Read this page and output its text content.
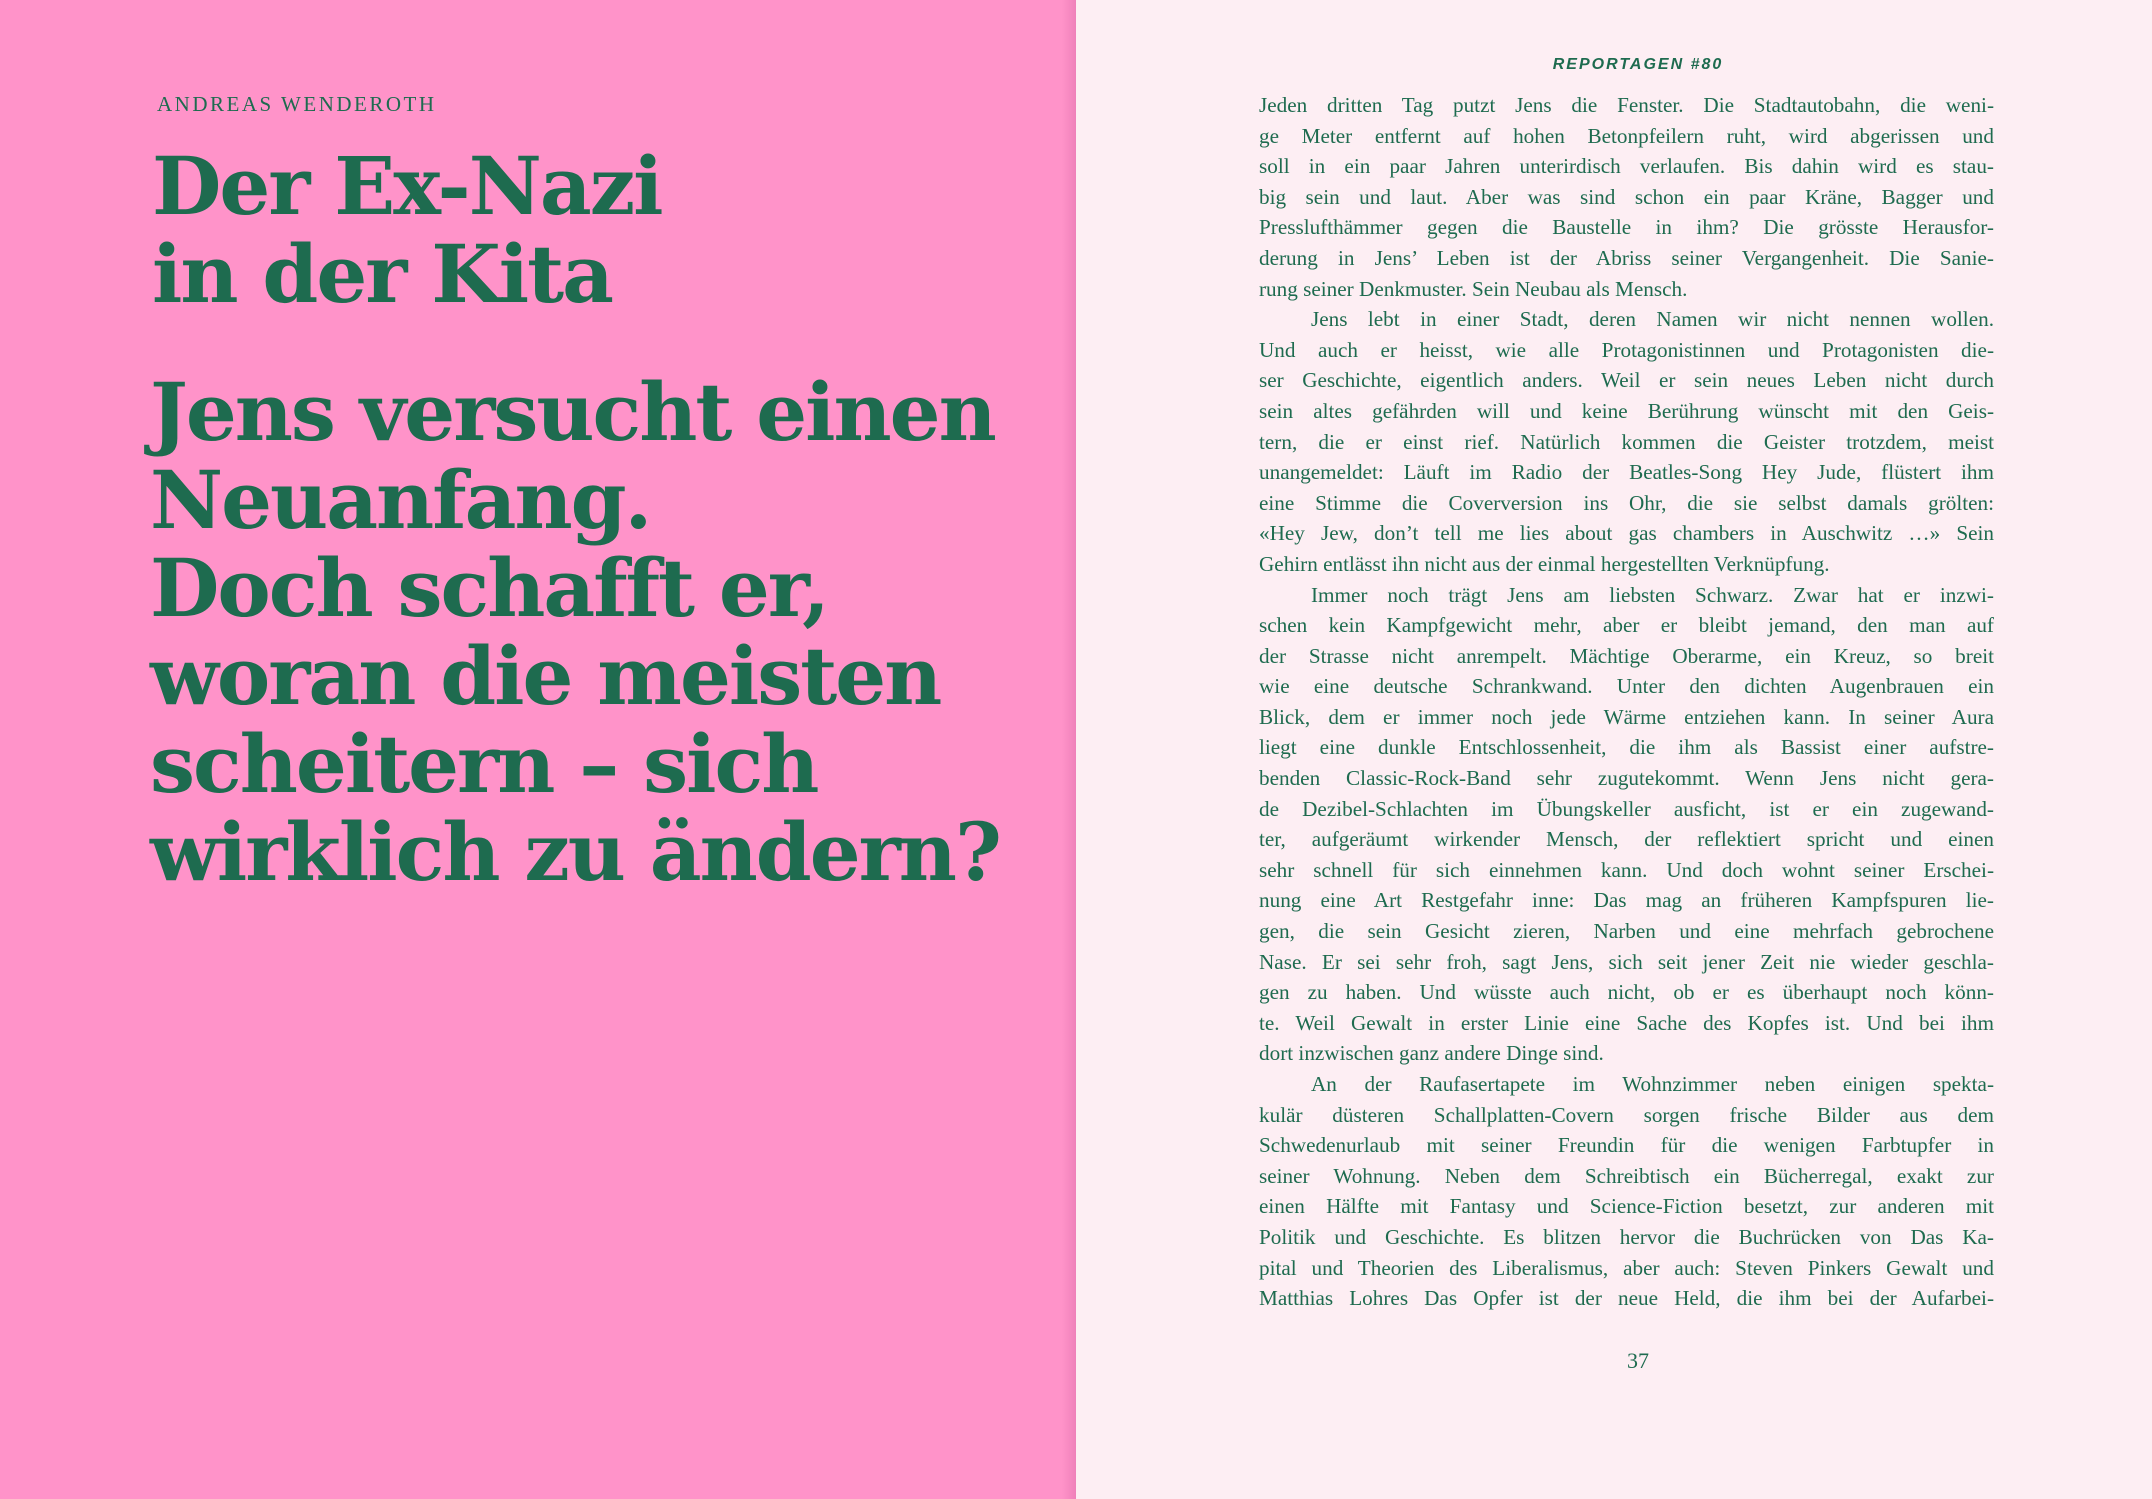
ANDREAS WENDEROTH
Der Ex-Nazi
in der Kita
Jens versucht einen
Neuanfang.
Doch schafft er,
woran die meisten
scheitern – sich
wirklich zu ändern?
REPORTAGEN #80
Jeden dritten Tag putzt Jens die Fenster. Die Stadtautobahn, die weni-
ge Meter entfernt auf hohen Betonpfeilern ruht, wird abgerissen und
soll in ein paar Jahren unterirdisch verlaufen. Bis dahin wird es stau-
big sein und laut. Aber was sind schon ein paar Kräne, Bagger und
Presslufthämmer gegen die Baustelle in ihm? Die grösste Herausfor-
derung in Jens’ Leben ist der Abriss seiner Vergangenheit. Die Sanie-
rung seiner Denkmuster. Sein Neubau als Mensch.
Jens lebt in einer Stadt, deren Namen wir nicht nennen wollen.
Und auch er heisst, wie alle Protagonistinnen und Protagonisten die-
ser Geschichte, eigentlich anders. Weil er sein neues Leben nicht durch
sein altes gefährden will und keine Berührung wünscht mit den Geis-
tern, die er einst rief. Natürlich kommen die Geister trotzdem, meist
unangemeldet: Läuft im Radio der Beatles-Song Hey Jude, flüstert ihm
eine Stimme die Coverversion ins Ohr, die sie selbst damals grölten:
«Hey Jew, don’t tell me lies about gas chambers in Auschwitz …» Sein
Gehirn entlässt ihn nicht aus der einmal hergestellten Verknüpfung.
Immer noch trägt Jens am liebsten Schwarz. Zwar hat er inzwi-
schen kein Kampfgewicht mehr, aber er bleibt jemand, den man auf
der Strasse nicht anrempelt. Mächtige Oberarme, ein Kreuz, so breit
wie eine deutsche Schrankwand. Unter den dichten Augenbrauen ein
Blick, dem er immer noch jede Wärme entziehen kann. In seiner Aura
liegt eine dunkle Entschlossenheit, die ihm als Bassist einer aufstre-
benden Classic-Rock-Band sehr zugutekommt. Wenn Jens nicht gera-
de Dezibel-Schlachten im Übungskeller ausficht, ist er ein zugewand-
ter, aufgeräumt wirkender Mensch, der reflektiert spricht und einen
sehr schnell für sich einnehmen kann. Und doch wohnt seiner Erschei-
nung eine Art Restgefahr inne: Das mag an früheren Kampfspuren lie-
gen, die sein Gesicht zieren, Narben und eine mehrfach gebrochene
Nase. Er sei sehr froh, sagt Jens, sich seit jener Zeit nie wieder geschla-
gen zu haben. Und wüsste auch nicht, ob er es überhaupt noch könn-
te. Weil Gewalt in erster Linie eine Sache des Kopfes ist. Und bei ihm
dort inzwischen ganz andere Dinge sind.
An der Raufasertapete im Wohnzimmer neben einigen spekta-
kulär düsteren Schallplatten-Covern sorgen frische Bilder aus dem
Schwedenurlaub mit seiner Freundin für die wenigen Farbtupfer in
seiner Wohnung. Neben dem Schreibtisch ein Bücherregal, exakt zur
einen Hälfte mit Fantasy und Science-Fiction besetzt, zur anderen mit
Politik und Geschichte. Es blitzen hervor die Buchrücken von Das Ka-
pital und Theorien des Liberalismus, aber auch: Steven Pinkers Gewalt und
Matthias Lohres Das Opfer ist der neue Held, die ihm bei der Aufarbei-
37
